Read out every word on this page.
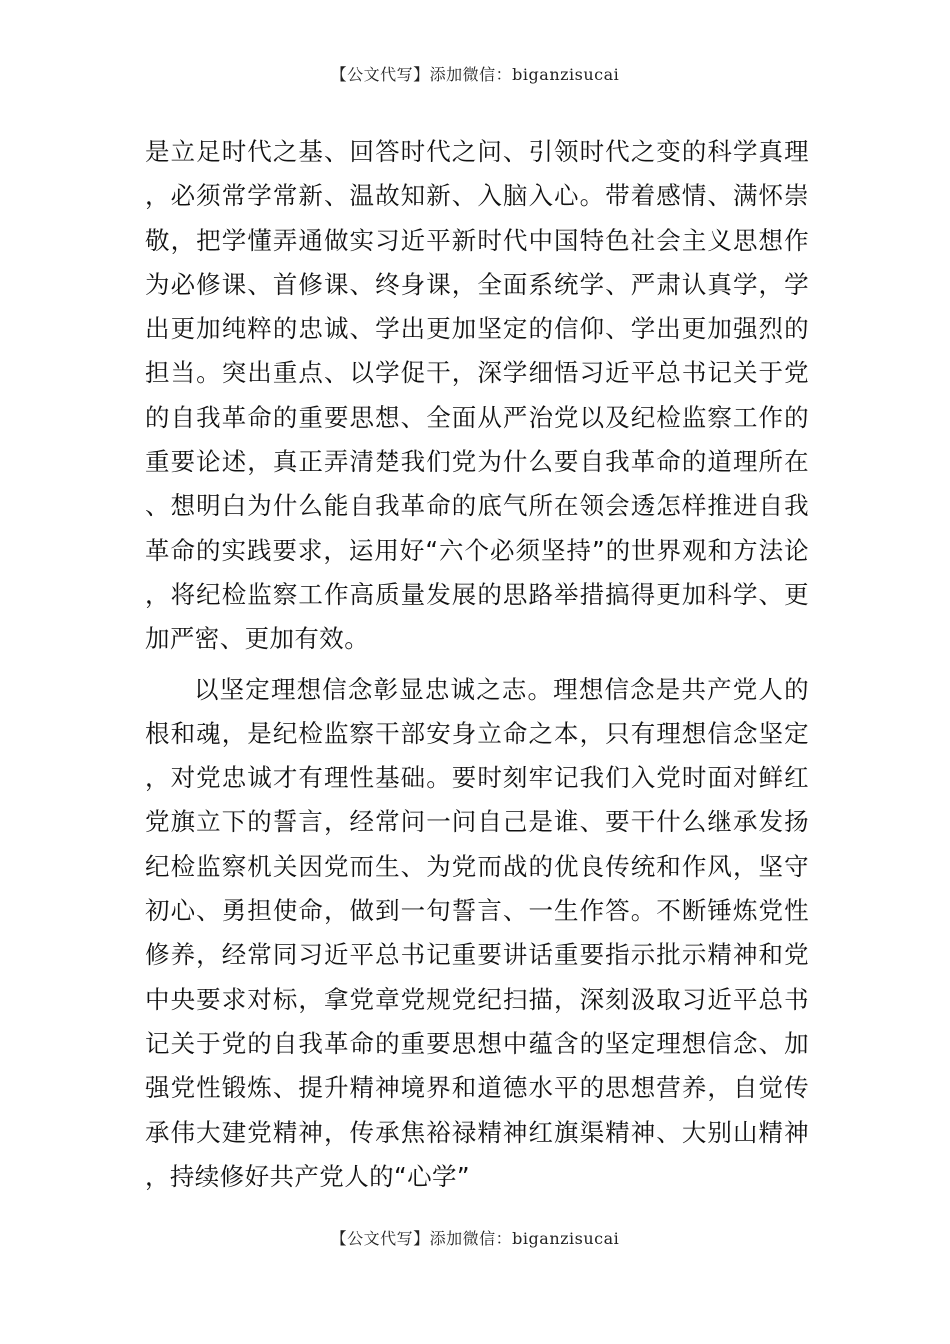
【公文代写】添加微信：biganzisucai

是立足时代之基、回答时代之问、引领时代之变的科学真理，必须常学常新、温故知新、入脑入心。带着感情、满怀崇敬，把学懂弄通做实习近平新时代中国特色社会主义思想作为必修课、首修课、终身课，全面系统学、严肃认真学，学出更加纯粹的忠诚、学出更加坚定的信仰、学出更加强烈的担当。突出重点、以学促干，深学细悟习近平总书记关于党的自我革命的重要思想、全面从严治党以及纪检监察工作的重要论述，真正弄清楚我们党为什么要自我革命的道理所在、想明白为什么能自我革命的底气所在领会透怎样推进自我革命的实践要求，运用好“六个必须坚持”的世界观和方法论，将纪检监察工作高质量发展的思路举措搞得更加科学、更加严密、更加有效。

以坚定理想信念彰显忠诚之志。理想信念是共产党人的根和魂，是纪检监察干部安身立命之本，只有理想信念坚定，对党忠诚才有理性基础。要时刻牢记我们入党时面对鲜红党旗立下的誓言，经常问一问自己是谁、要干什么继承发扬纪检监察机关因党而生、为党而战的优良传统和作风，坚守初心、勇担使命，做到一句誓言、一生作答。不断锤炼党性修养，经常同习近平总书记重要讲话重要指示批示精神和党中央要求对标，拿党章党规党纪扫描，深刻汲取习近平总书记关于党的自我革命的重要思想中蕴含的坚定理想信念、加强党性锻炼、提升精神境界和道德水平的思想营养，自觉传承伟大建党精神，传承焦裕禄精神红旗渠精神、大别山精神，持续修好共产党人的“心学”

【公文代写】添加微信：biganzisucai
